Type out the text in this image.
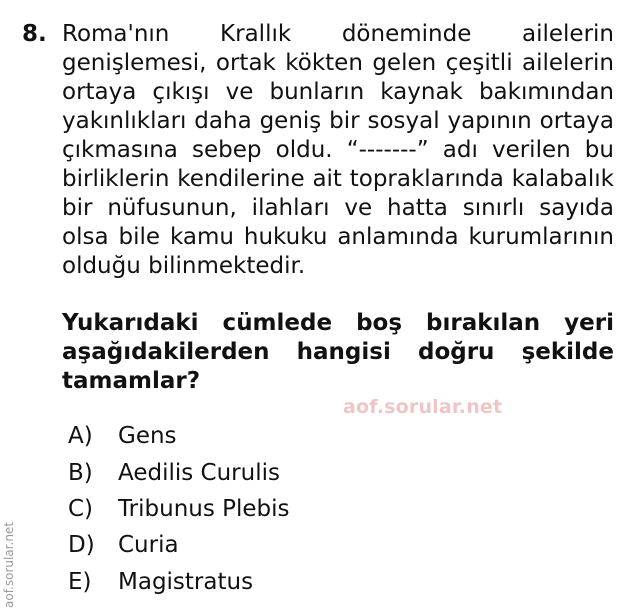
8. Roma'nın Krallık döneminde ailelerin genişlemesi, ortak kökten gelen çeşitli ailelerin ortaya çıkışı ve bunların kaynak bakımından yakınlıkları daha geniş bir sosyal yapının ortaya çıkmasına sebep oldu. “-------” adı verilen bu birliklerin kendilerine ait topraklarında kalabalık bir nüfusunun, ilahları ve hatta sınırlı sayıda olsa bile kamu hukuku anlamında kurumlarının olduğu bilinmektedir.

Yukarıdaki cümlede boş bırakılan yeri aşağıdakilerden hangisi doğru şekilde tamamlar?

aof.sorular.net
A)	Gens
B)	Aedilis Curulis
C)	Tribunus Plebis
D)	Curia
E)	Magistratus
aof.sorular.net
